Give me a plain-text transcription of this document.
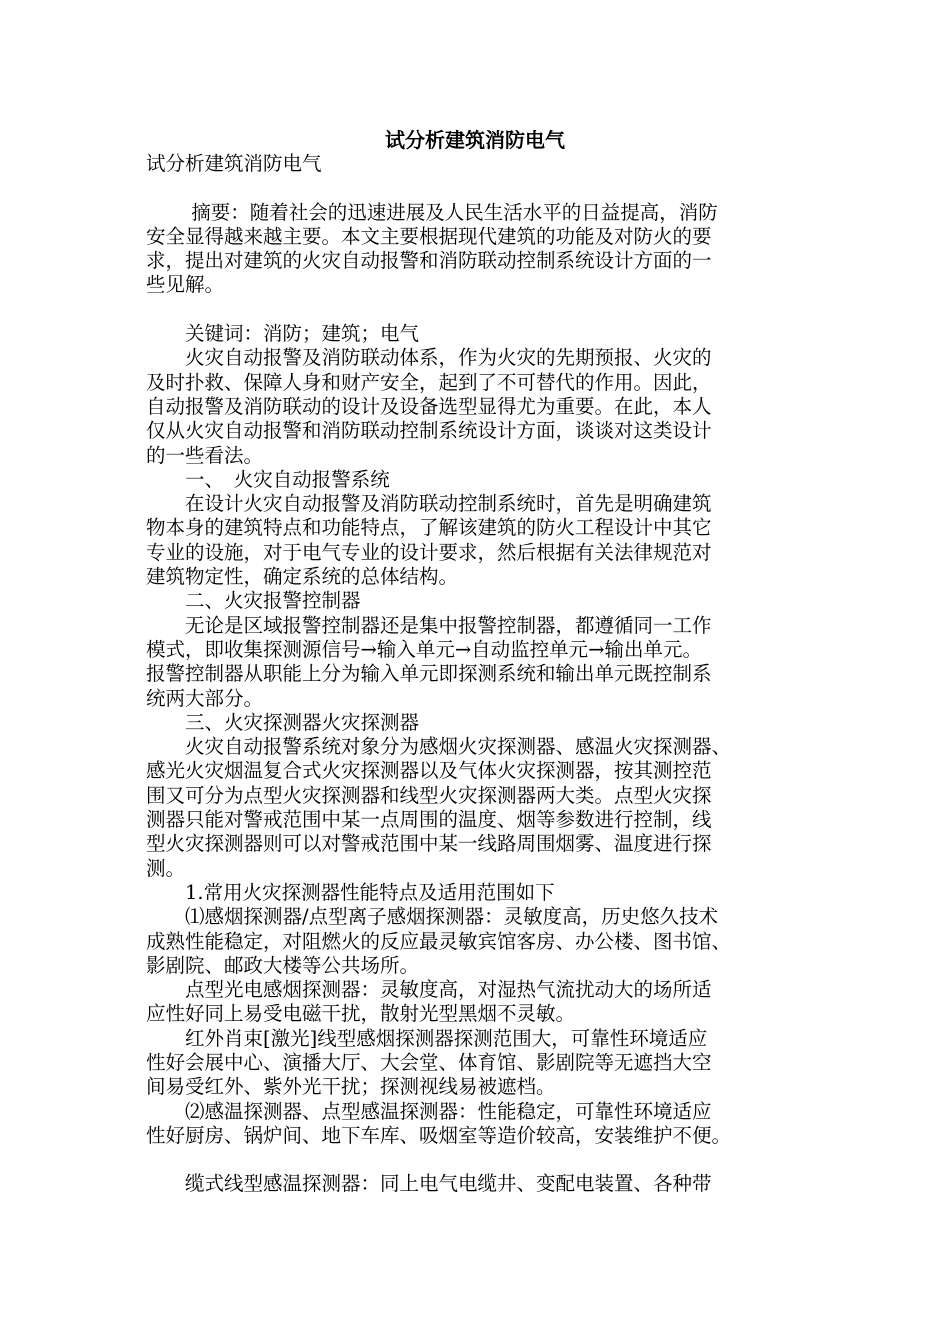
试分析建筑消防电气

试分析建筑消防电气

　　 摘要：随着社会的迅速进展及人民生活水平的日益提高，消防
安全显得越来越主要。本文主要根据现代建筑的功能及对防火的要
求，提出对建筑的火灾自动报警和消防联动控制系统设计方面的一
些见解。

　　关键词：消防；建筑；电气

　　火灾自动报警及消防联动体系，作为火灾的先期预报、火灾的
及时扑救、保障人身和财产安全，起到了不可替代的作用。因此，
自动报警及消防联动的设计及设备选型显得尤为重要。在此，本人
仅从火灾自动报警和消防联动控制系统设计方面，谈谈对这类设计
的一些看法。

　　一、　火灾自动报警系统

　　在设计火灾自动报警及消防联动控制系统时，首先是明确建筑
物本身的建筑特点和功能特点，了解该建筑的防火工程设计中其它
专业的设施，对于电气专业的设计要求，然后根据有关法律规范对
建筑物定性，确定系统的总体结构。

　　二、火灾报警控制器

　　无论是区域报警控制器还是集中报警控制器，都遵循同一工作
模式，即收集探测源信号→输入单元→自动监控单元→输出单元。
报警控制器从职能上分为输入单元即探测系统和输出单元既控制系
统两大部分。

　　三、火灾探测器火灾探测器

　　火灾自动报警系统对象分为感烟火灾探测器、感温火灾探测器、
感光火灾烟温复合式火灾探测器以及气体火灾探测器，按其测控范
围又可分为点型火灾探测器和线型火灾探测器两大类。点型火灾探
测器只能对警戒范围中某一点周围的温度、烟等参数进行控制，线
型火灾探测器则可以对警戒范围中某一线路周围烟雾、温度进行探
测。

　　1.常用火灾探测器性能特点及适用范围如下

　　⑴感烟探测器/点型离子感烟探测器：灵敏度高，历史悠久技术
成熟性能稳定，对阻燃火的反应最灵敏宾馆客房、办公楼、图书馆、
影剧院、邮政大楼等公共场所。

　　点型光电感烟探测器：灵敏度高，对湿热气流扰动大的场所适
应性好同上易受电磁干扰，散射光型黑烟不灵敏。

　　红外肖束[激光]线型感烟探测器探测范围大，可靠性环境适应
性好会展中心、演播大厅、大会堂、体育馆、影剧院等无遮挡大空
间易受红外、紫外光干扰；探测视线易被遮档。

　　⑵感温探测器、点型感温探测器：性能稳定，可靠性环境适应
性好厨房、锅炉间、地下车库、吸烟室等造价较高，安装维护不便。

　　缆式线型感温探测器：同上电气电缆井、变配电装置、各种带
